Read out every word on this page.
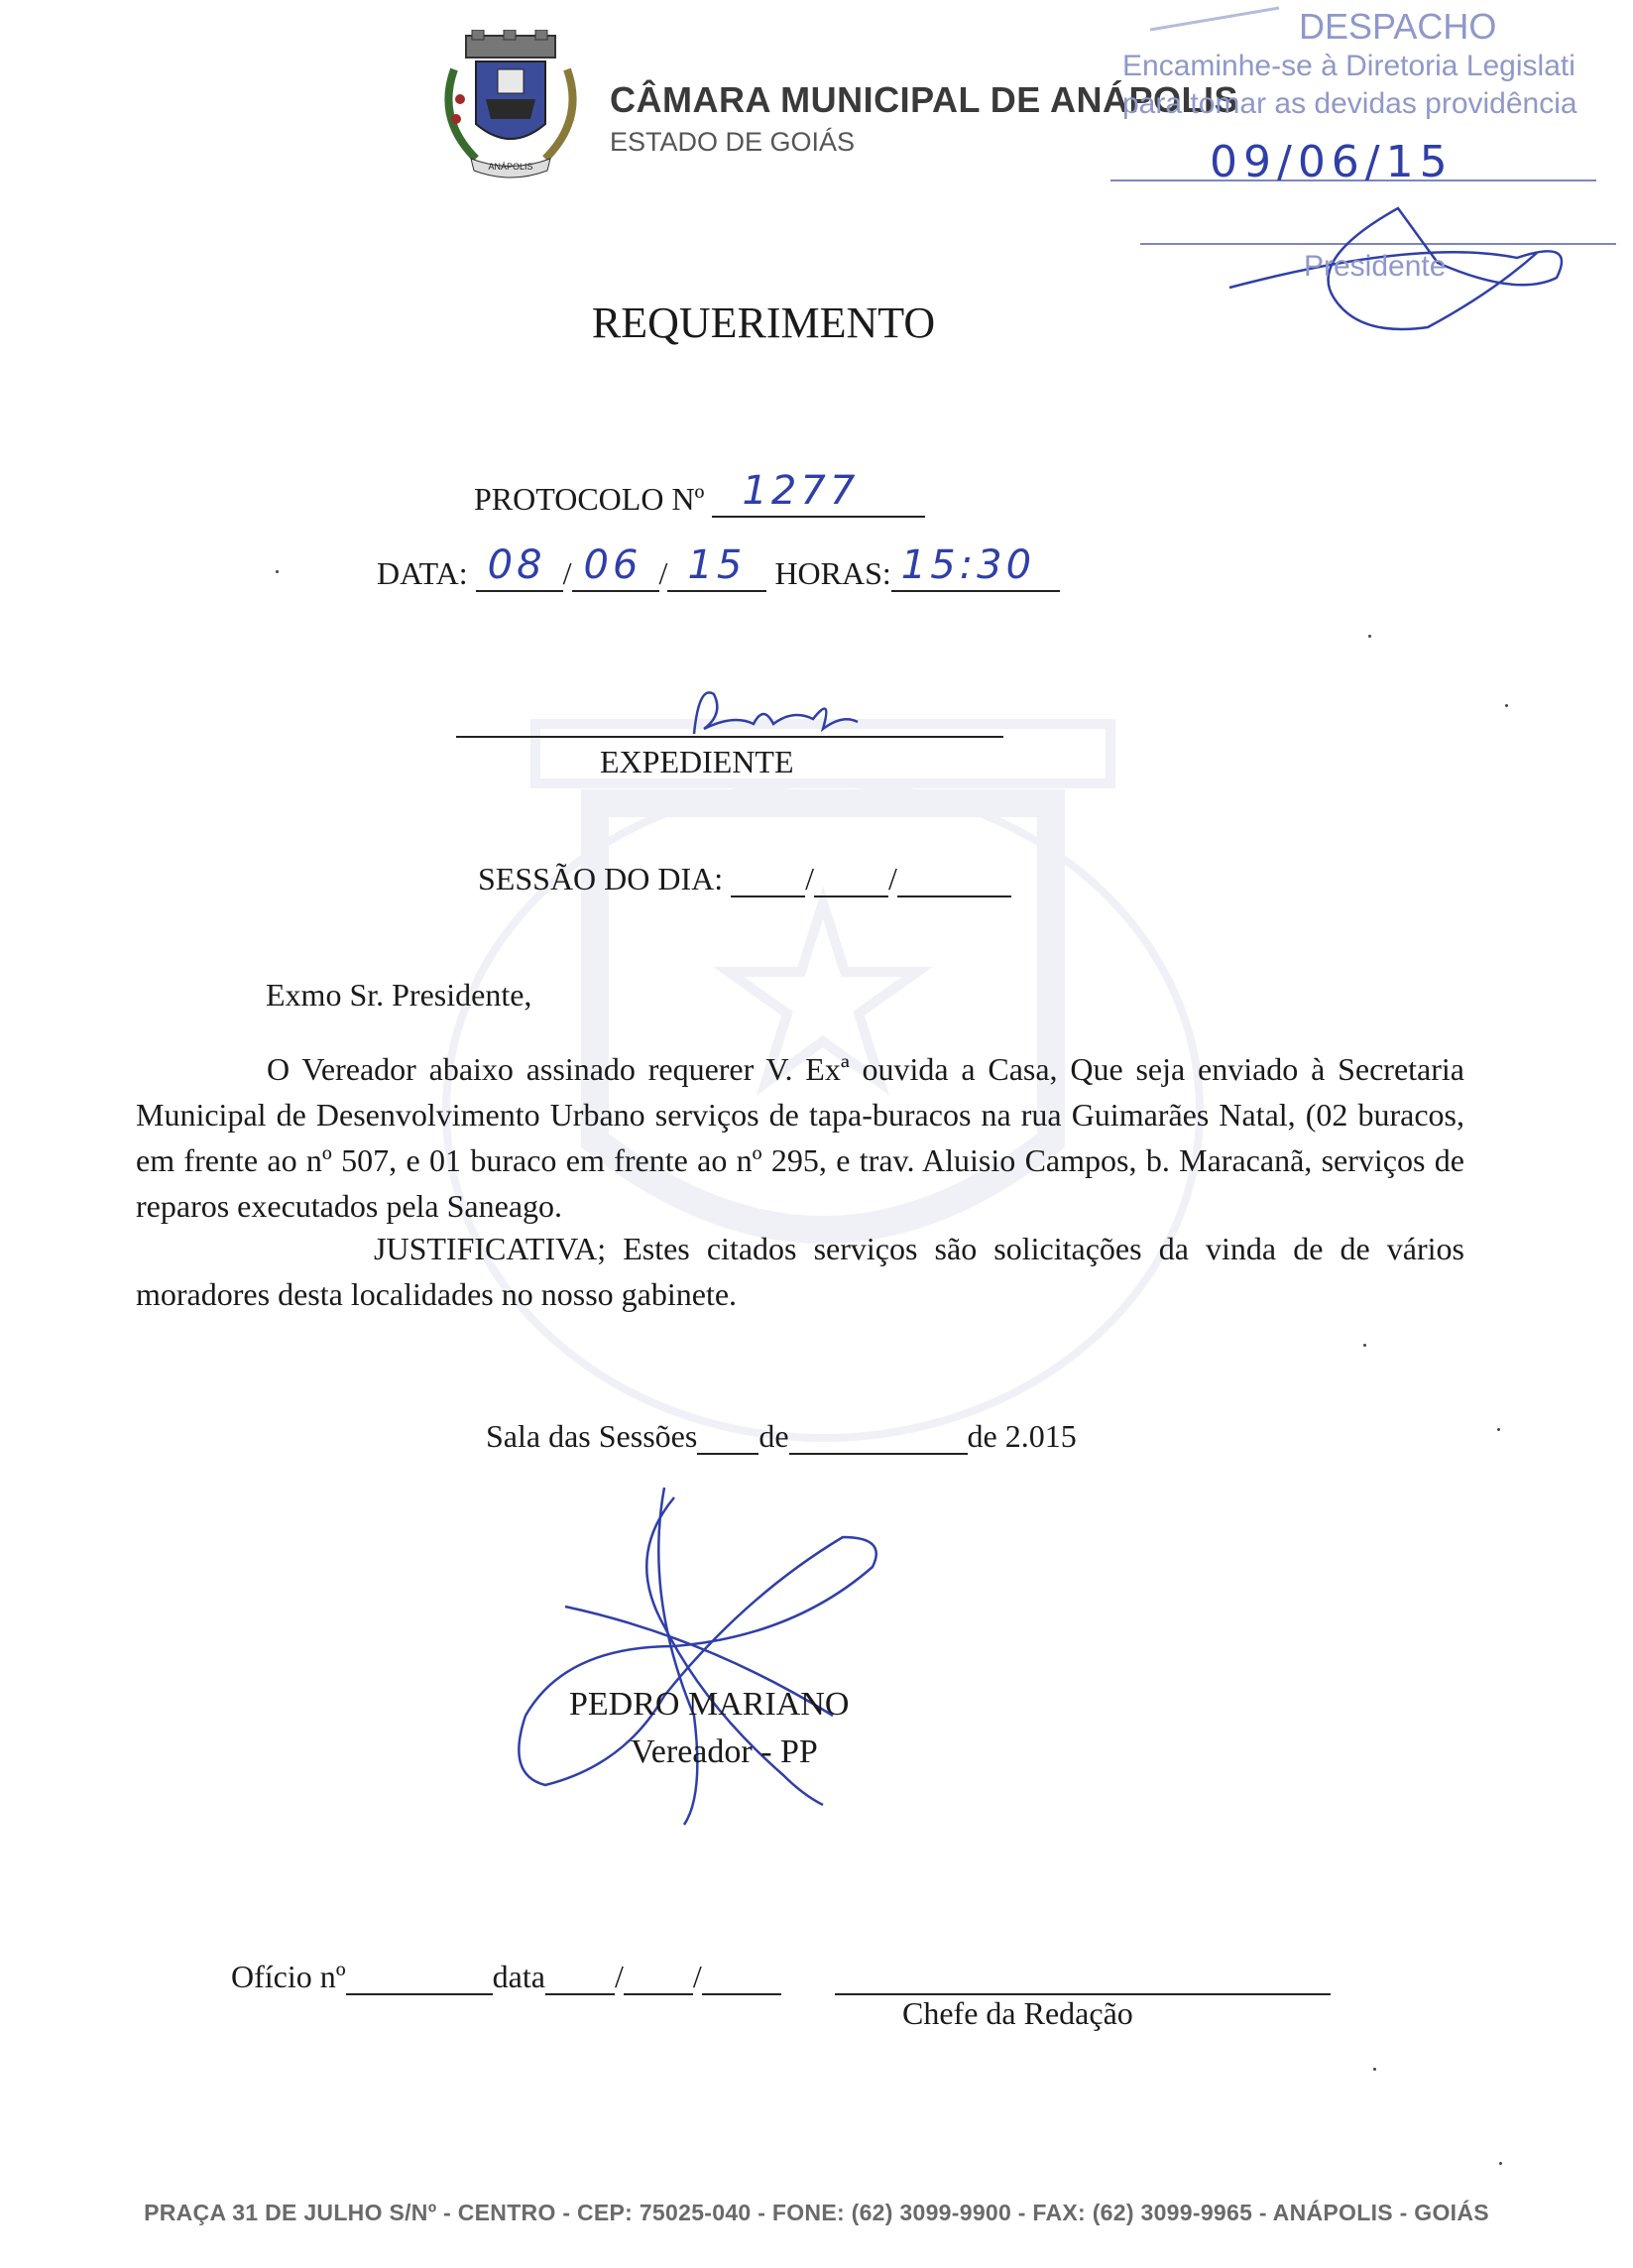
ANÁPOLIS
CÂMARA MUNICIPAL DE ANÁPOLIS
ESTADO DE GOIÁS
DESPACHO
Encaminhe-se à Diretoria Legislati
para tomar as devidas providência
09/06/15
Presidente
REQUERIMENTO
PROTOCOLO Nº 1277
DATA: 08 / 06 / 15 HORAS: 15:30
EXPEDIENTE
SESSÃO DO DIA:	/ /
Exmo Sr. Presidente,
O Vereador abaixo assinado requerer V. Exª ouvida a Casa, Que seja enviado à Secretaria Municipal de Desenvolvimento Urbano serviços de tapa-buracos na rua Guimarães Natal, (02 buracos, em frente ao nº 507, e 01 buraco em frente ao nº 295, e trav. Aluisio Campos, b. Maracanã, serviços de reparos executados pela Saneago.
JUSTIFICATIVA; Estes citados serviços são solicitações da vinda de de vários moradores desta localidades no nosso gabinete.
Sala das Sessões de	de 2.015
PEDRO MARIANO
Vereador - PP
Ofício nº	data / /
Chefe da Redação
PRAÇA 31 DE JULHO S/Nº - CENTRO - CEP: 75025-040 - FONE: (62) 3099-9900 - FAX: (62) 3099-9965 - ANÁPOLIS - GOIÁS
